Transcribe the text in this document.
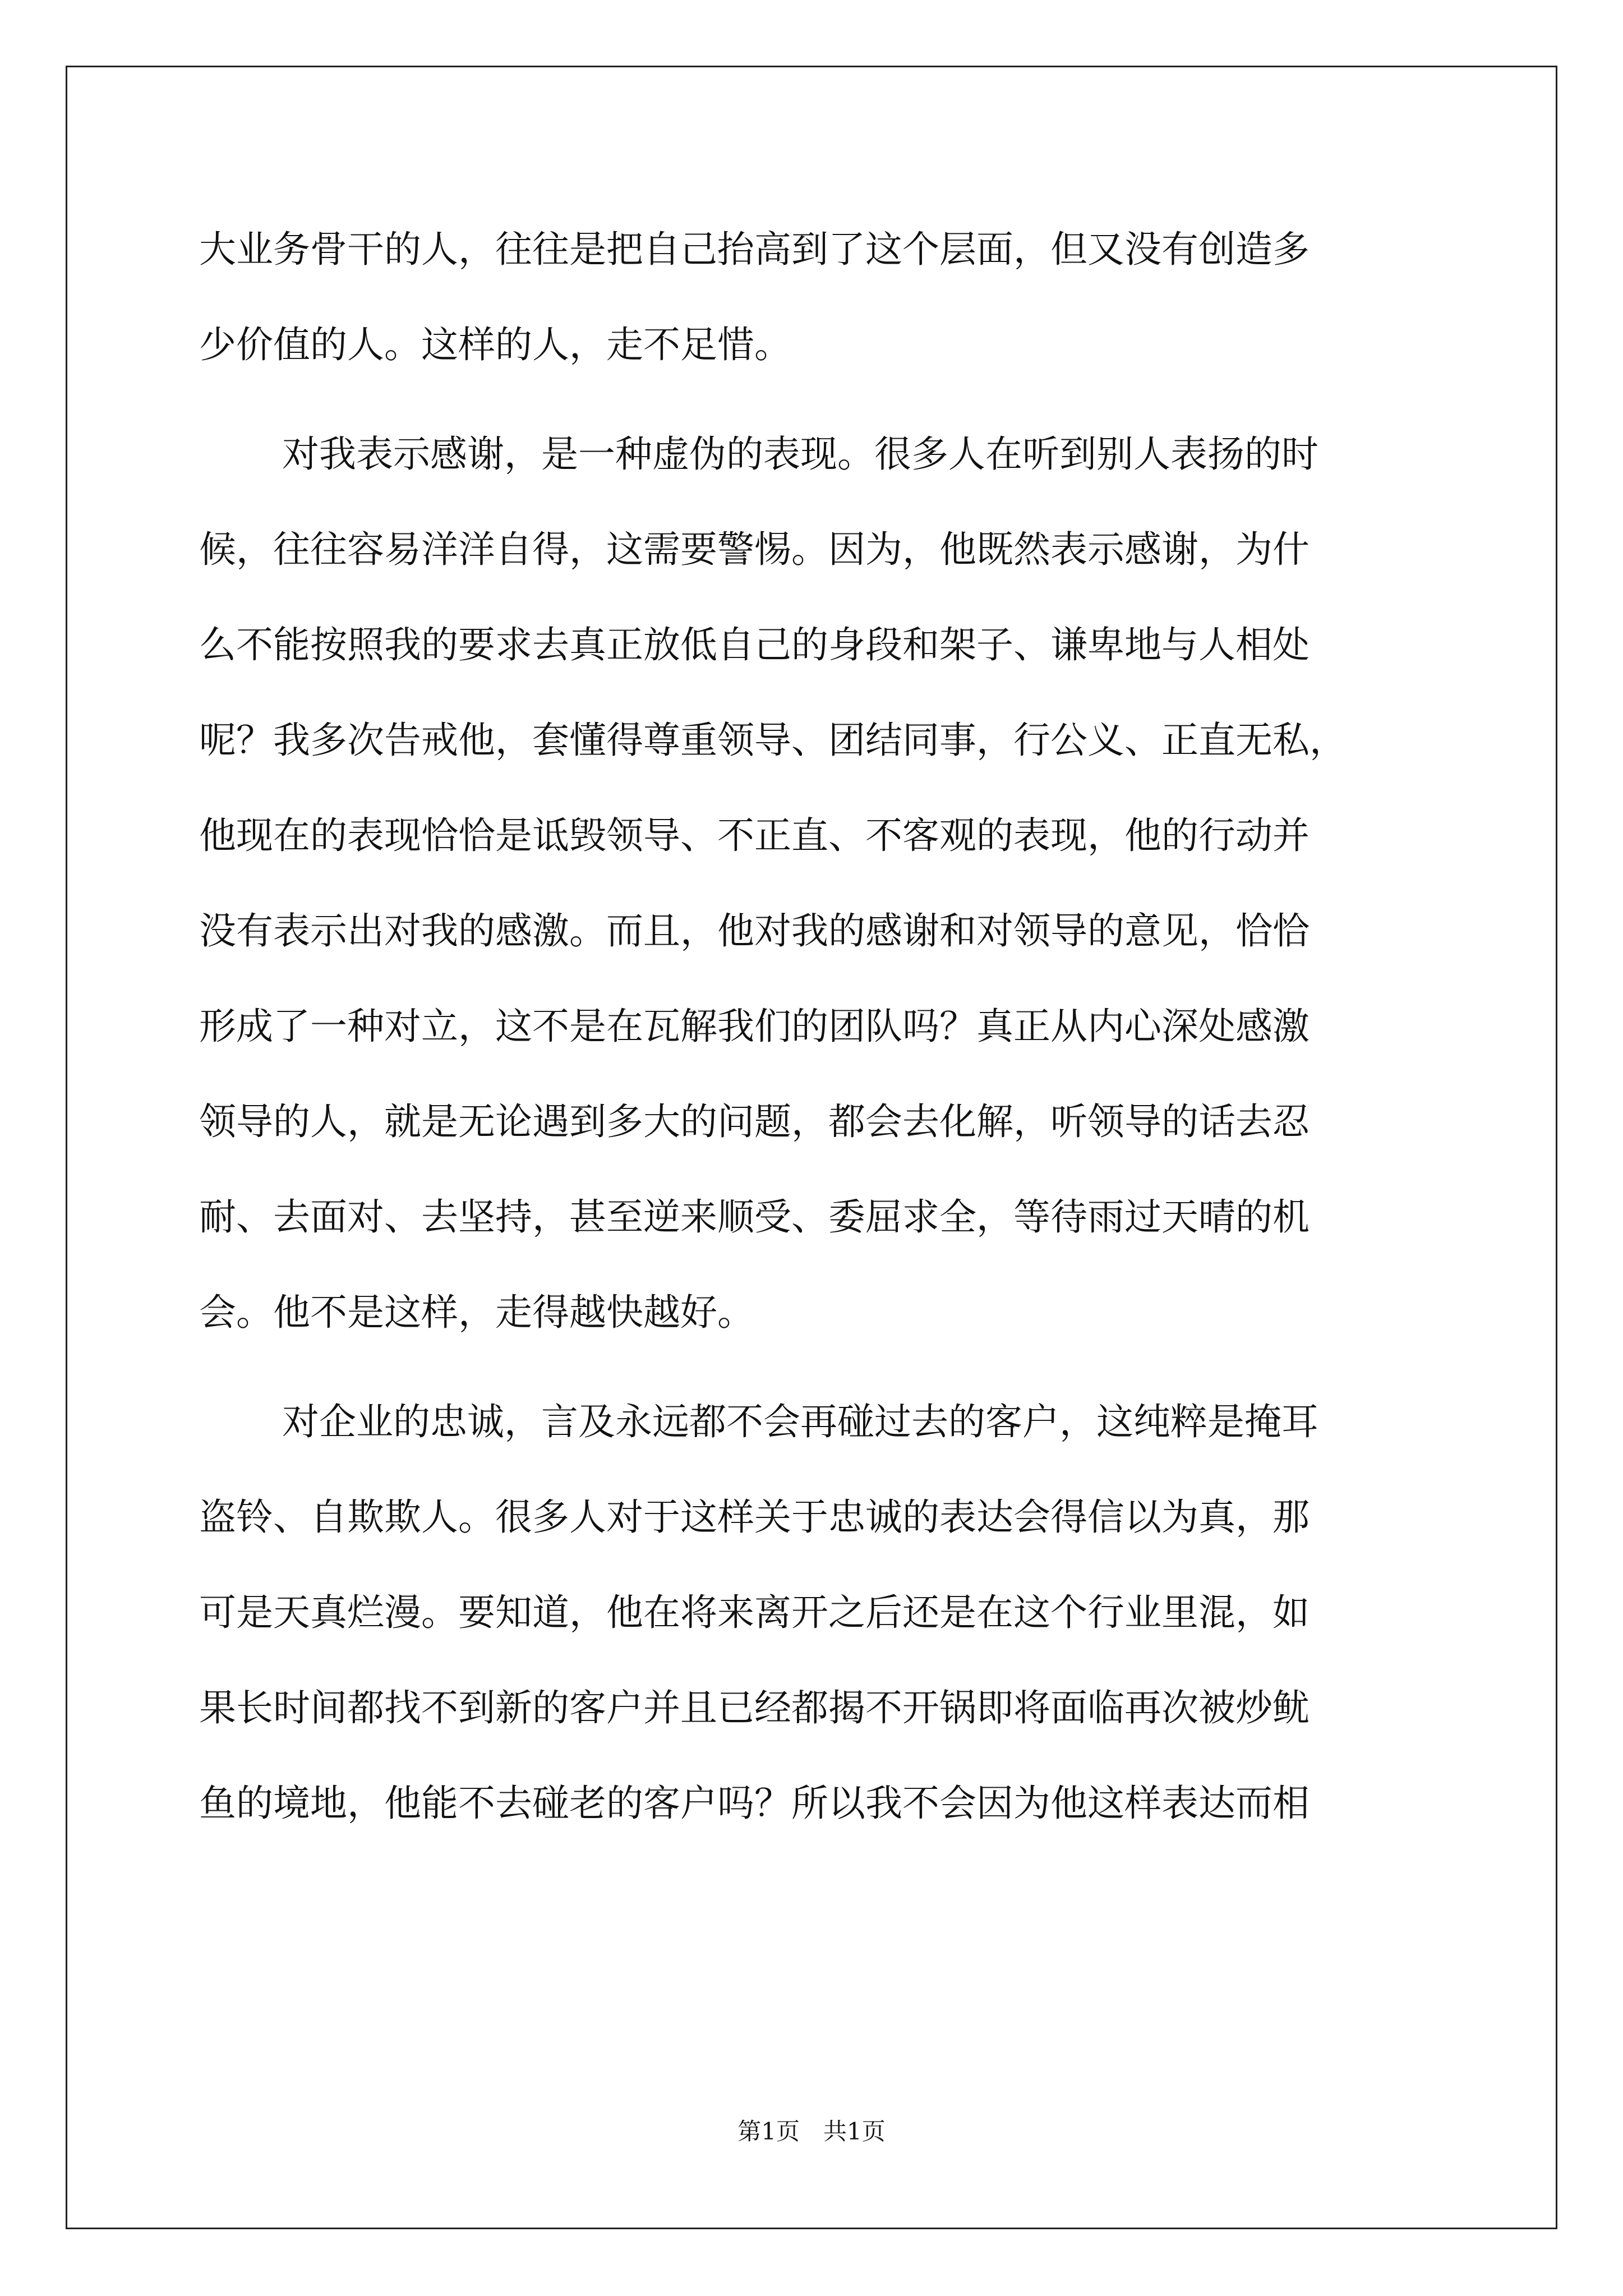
大业务骨干的人，往往是把自己抬高到了这个层面，但又没有创造多
少价值的人。这样的人，走不足惜。
对我表示感谢，是一种虚伪的表现。很多人在听到别人表扬的时
候，往往容易洋洋自得，这需要警惕。因为，他既然表示感谢，为什
么不能按照我的要求去真正放低自己的身段和架子、谦卑地与人相处
呢？我多次告戒他，套懂得尊重领导、团结同事，行公义、正直无私，
他现在的表现恰恰是诋毁领导、不正直、不客观的表现，他的行动并
没有表示出对我的感激。而且，他对我的感谢和对领导的意见，恰恰
形成了一种对立，这不是在瓦解我们的团队吗？真正从内心深处感激
领导的人，就是无论遇到多大的问题，都会去化解，听领导的话去忍
耐、去面对、去坚持，甚至逆来顺受、委屈求全，等待雨过天晴的机
会。他不是这样，走得越快越好。
对企业的忠诚，言及永远都不会再碰过去的客户，这纯粹是掩耳
盗铃、自欺欺人。很多人对于这样关于忠诚的表达会得信以为真，那
可是天真烂漫。要知道，他在将来离开之后还是在这个行业里混，如
果长时间都找不到新的客户并且已经都揭不开锅即将面临再次被炒鱿
鱼的境地，他能不去碰老的客户吗？所以我不会因为他这样表达而相
第1页　共1页
